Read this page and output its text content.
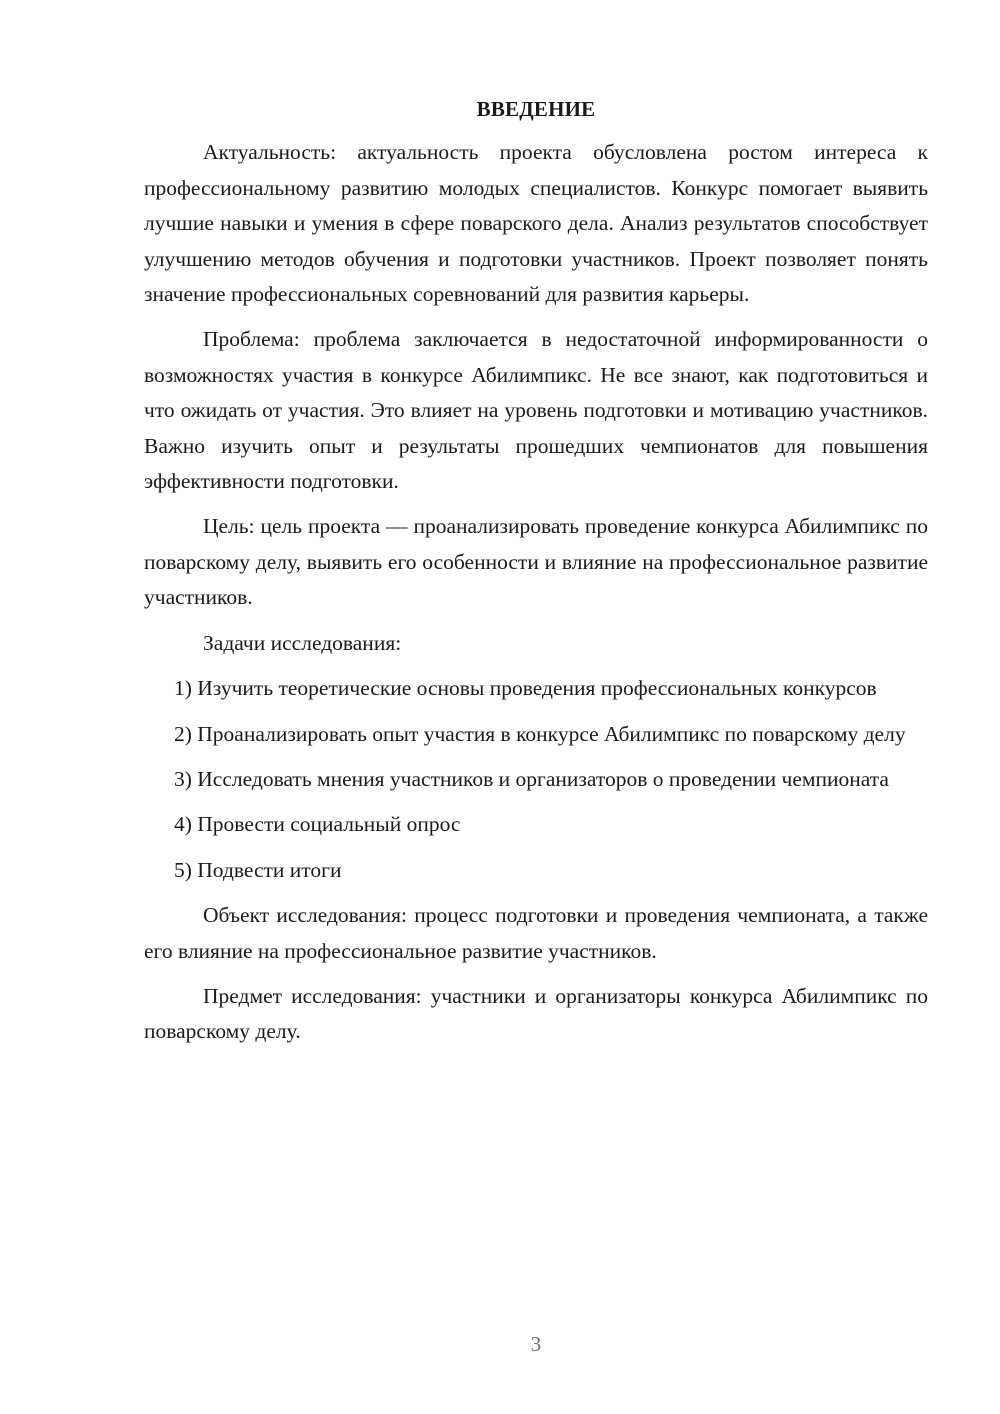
ВВЕДЕНИЕ

Актуальность: актуальность проекта обусловлена ростом интереса к профессиональному развитию молодых специалистов. Конкурс помогает выявить лучшие навыки и умения в сфере поварского дела. Анализ результатов способствует улучшению методов обучения и подготовки участников. Проект позволяет понять значение профессиональных соревнований для развития карьеры.

Проблема: проблема заключается в недостаточной информированности о возможностях участия в конкурсе Абилимпикс. Не все знают, как подготовиться и что ожидать от участия. Это влияет на уровень подготовки и мотивацию участников. Важно изучить опыт и результаты прошедших чемпионатов для повышения эффективности подготовки.

Цель: цель проекта — проанализировать проведение конкурса Абилимпикс по поварскому делу, выявить его особенности и влияние на профессиональное развитие участников.

Задачи исследования:

1) Изучить теоретические основы проведения профессиональных конкурсов

2) Проанализировать опыт участия в конкурсе Абилимпикс по поварскому делу

3) Исследовать мнения участников и организаторов о проведении чемпионата

4) Провести социальный опрос

5) Подвести итоги

Объект исследования: процесс подготовки и проведения чемпионата, а также его влияние на профессиональное развитие участников.

Предмет исследования: участники и организаторы конкурса Абилимпикс по поварскому делу.

3
